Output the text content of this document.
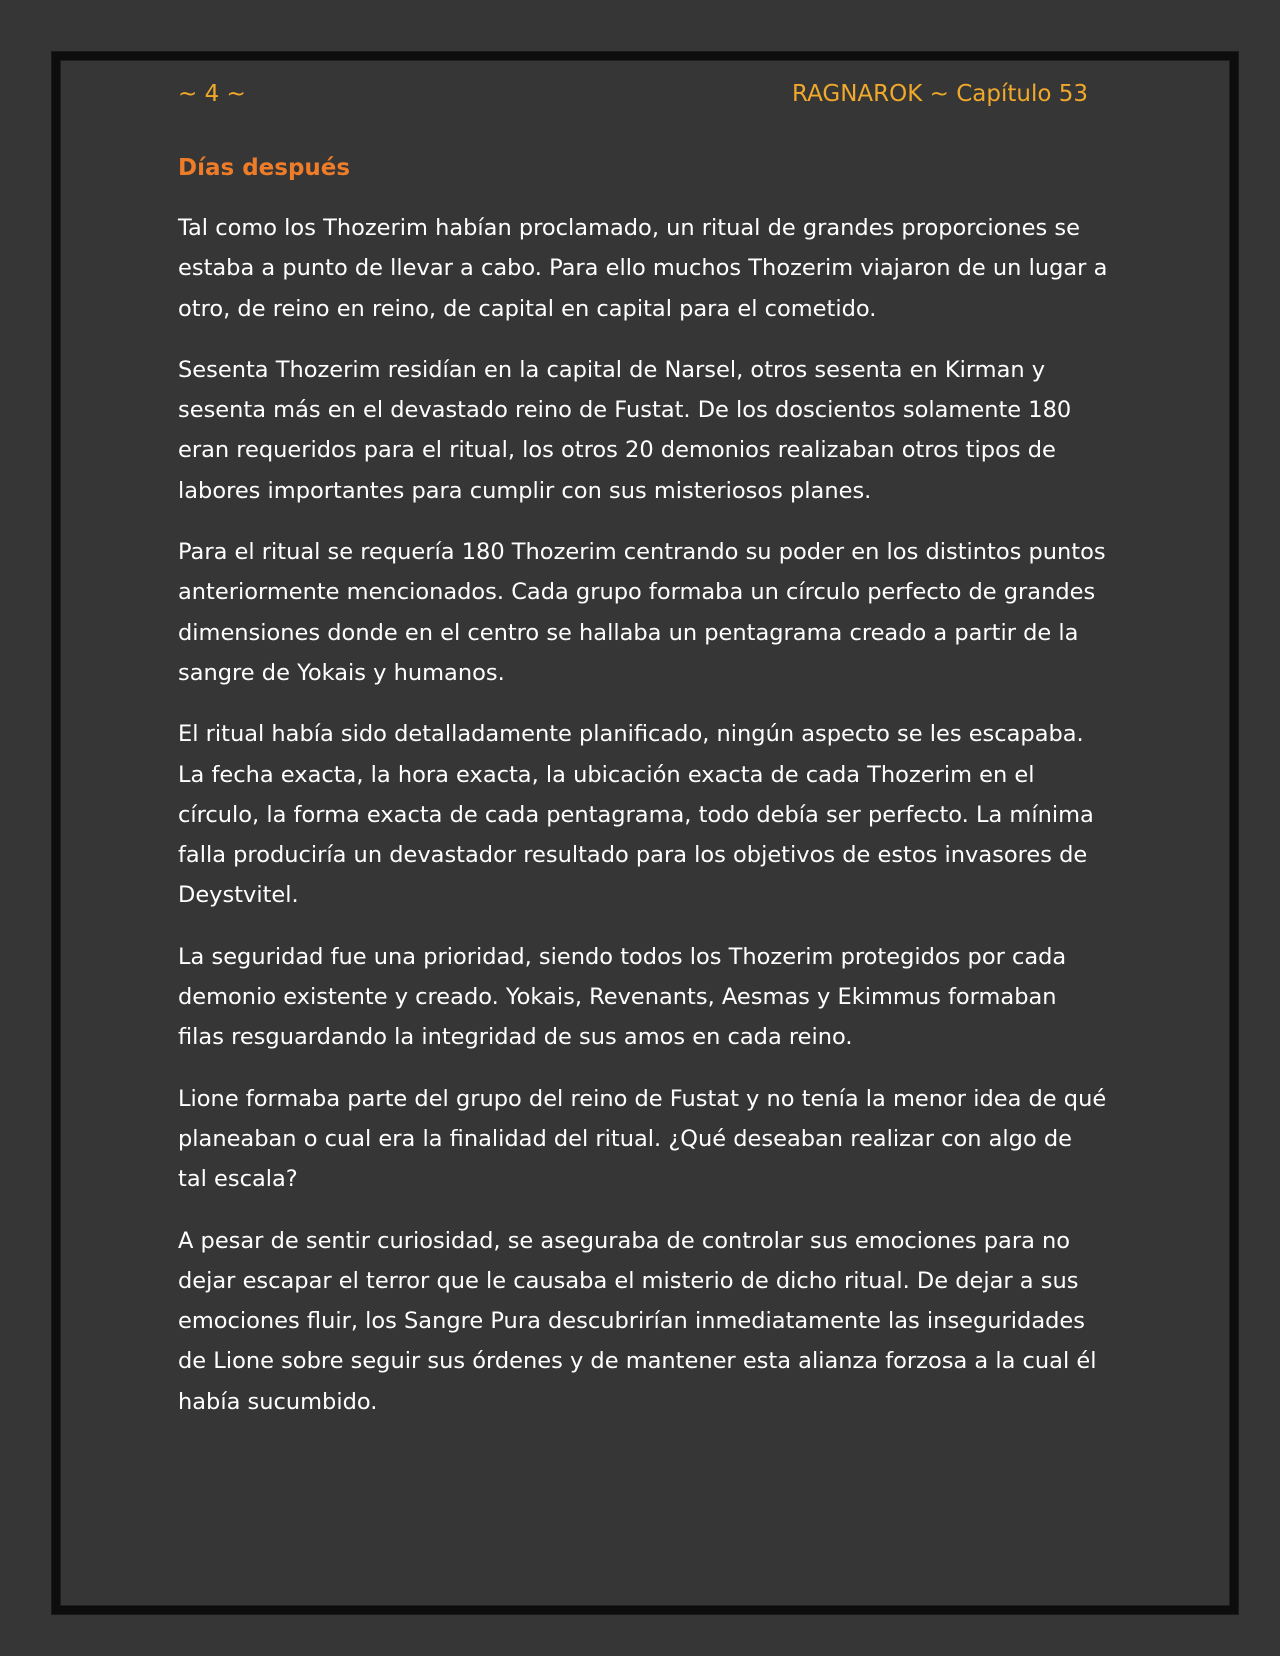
~ 4 ~	RAGNAROK ~ Capítulo 53
Días después

Tal como los Thozerim habían proclamado, un ritual de grandes proporciones se estaba a punto de llevar a cabo. Para ello muchos Thozerim viajaron de un lugar a otro, de reino en reino, de capital en capital para el cometido.

Sesenta Thozerim residían en la capital de Narsel, otros sesenta en Kirman y sesenta más en el devastado reino de Fustat. De los doscientos solamente 180 eran requeridos para el ritual, los otros 20 demonios realizaban otros tipos de labores importantes para cumplir con sus misteriosos planes.

Para el ritual se requería 180 Thozerim centrando su poder en los distintos puntos anteriormente mencionados. Cada grupo formaba un círculo perfecto de grandes dimensiones donde en el centro se hallaba un pentagrama creado a partir de la sangre de Yokais y humanos.

El ritual había sido detalladamente planificado, ningún aspecto se les escapaba. La fecha exacta, la hora exacta, la ubicación exacta de cada Thozerim en el círculo, la forma exacta de cada pentagrama, todo debía ser perfecto. La mínima falla produciría un devastador resultado para los objetivos de estos invasores de Deystvitel.

La seguridad fue una prioridad, siendo todos los Thozerim protegidos por cada demonio existente y creado. Yokais, Revenants, Aesmas y Ekimmus formaban filas resguardando la integridad de sus amos en cada reino.

Lione formaba parte del grupo del reino de Fustat y no tenía la menor idea de qué planeaban o cual era la finalidad del ritual. ¿Qué deseaban realizar con algo de tal escala?

A pesar de sentir curiosidad, se aseguraba de controlar sus emociones para no dejar escapar el terror que le causaba el misterio de dicho ritual. De dejar a sus emociones fluir, los Sangre Pura descubrirían inmediatamente las inseguridades de Lione sobre seguir sus órdenes y de mantener esta alianza forzosa a la cual él había sucumbido.
